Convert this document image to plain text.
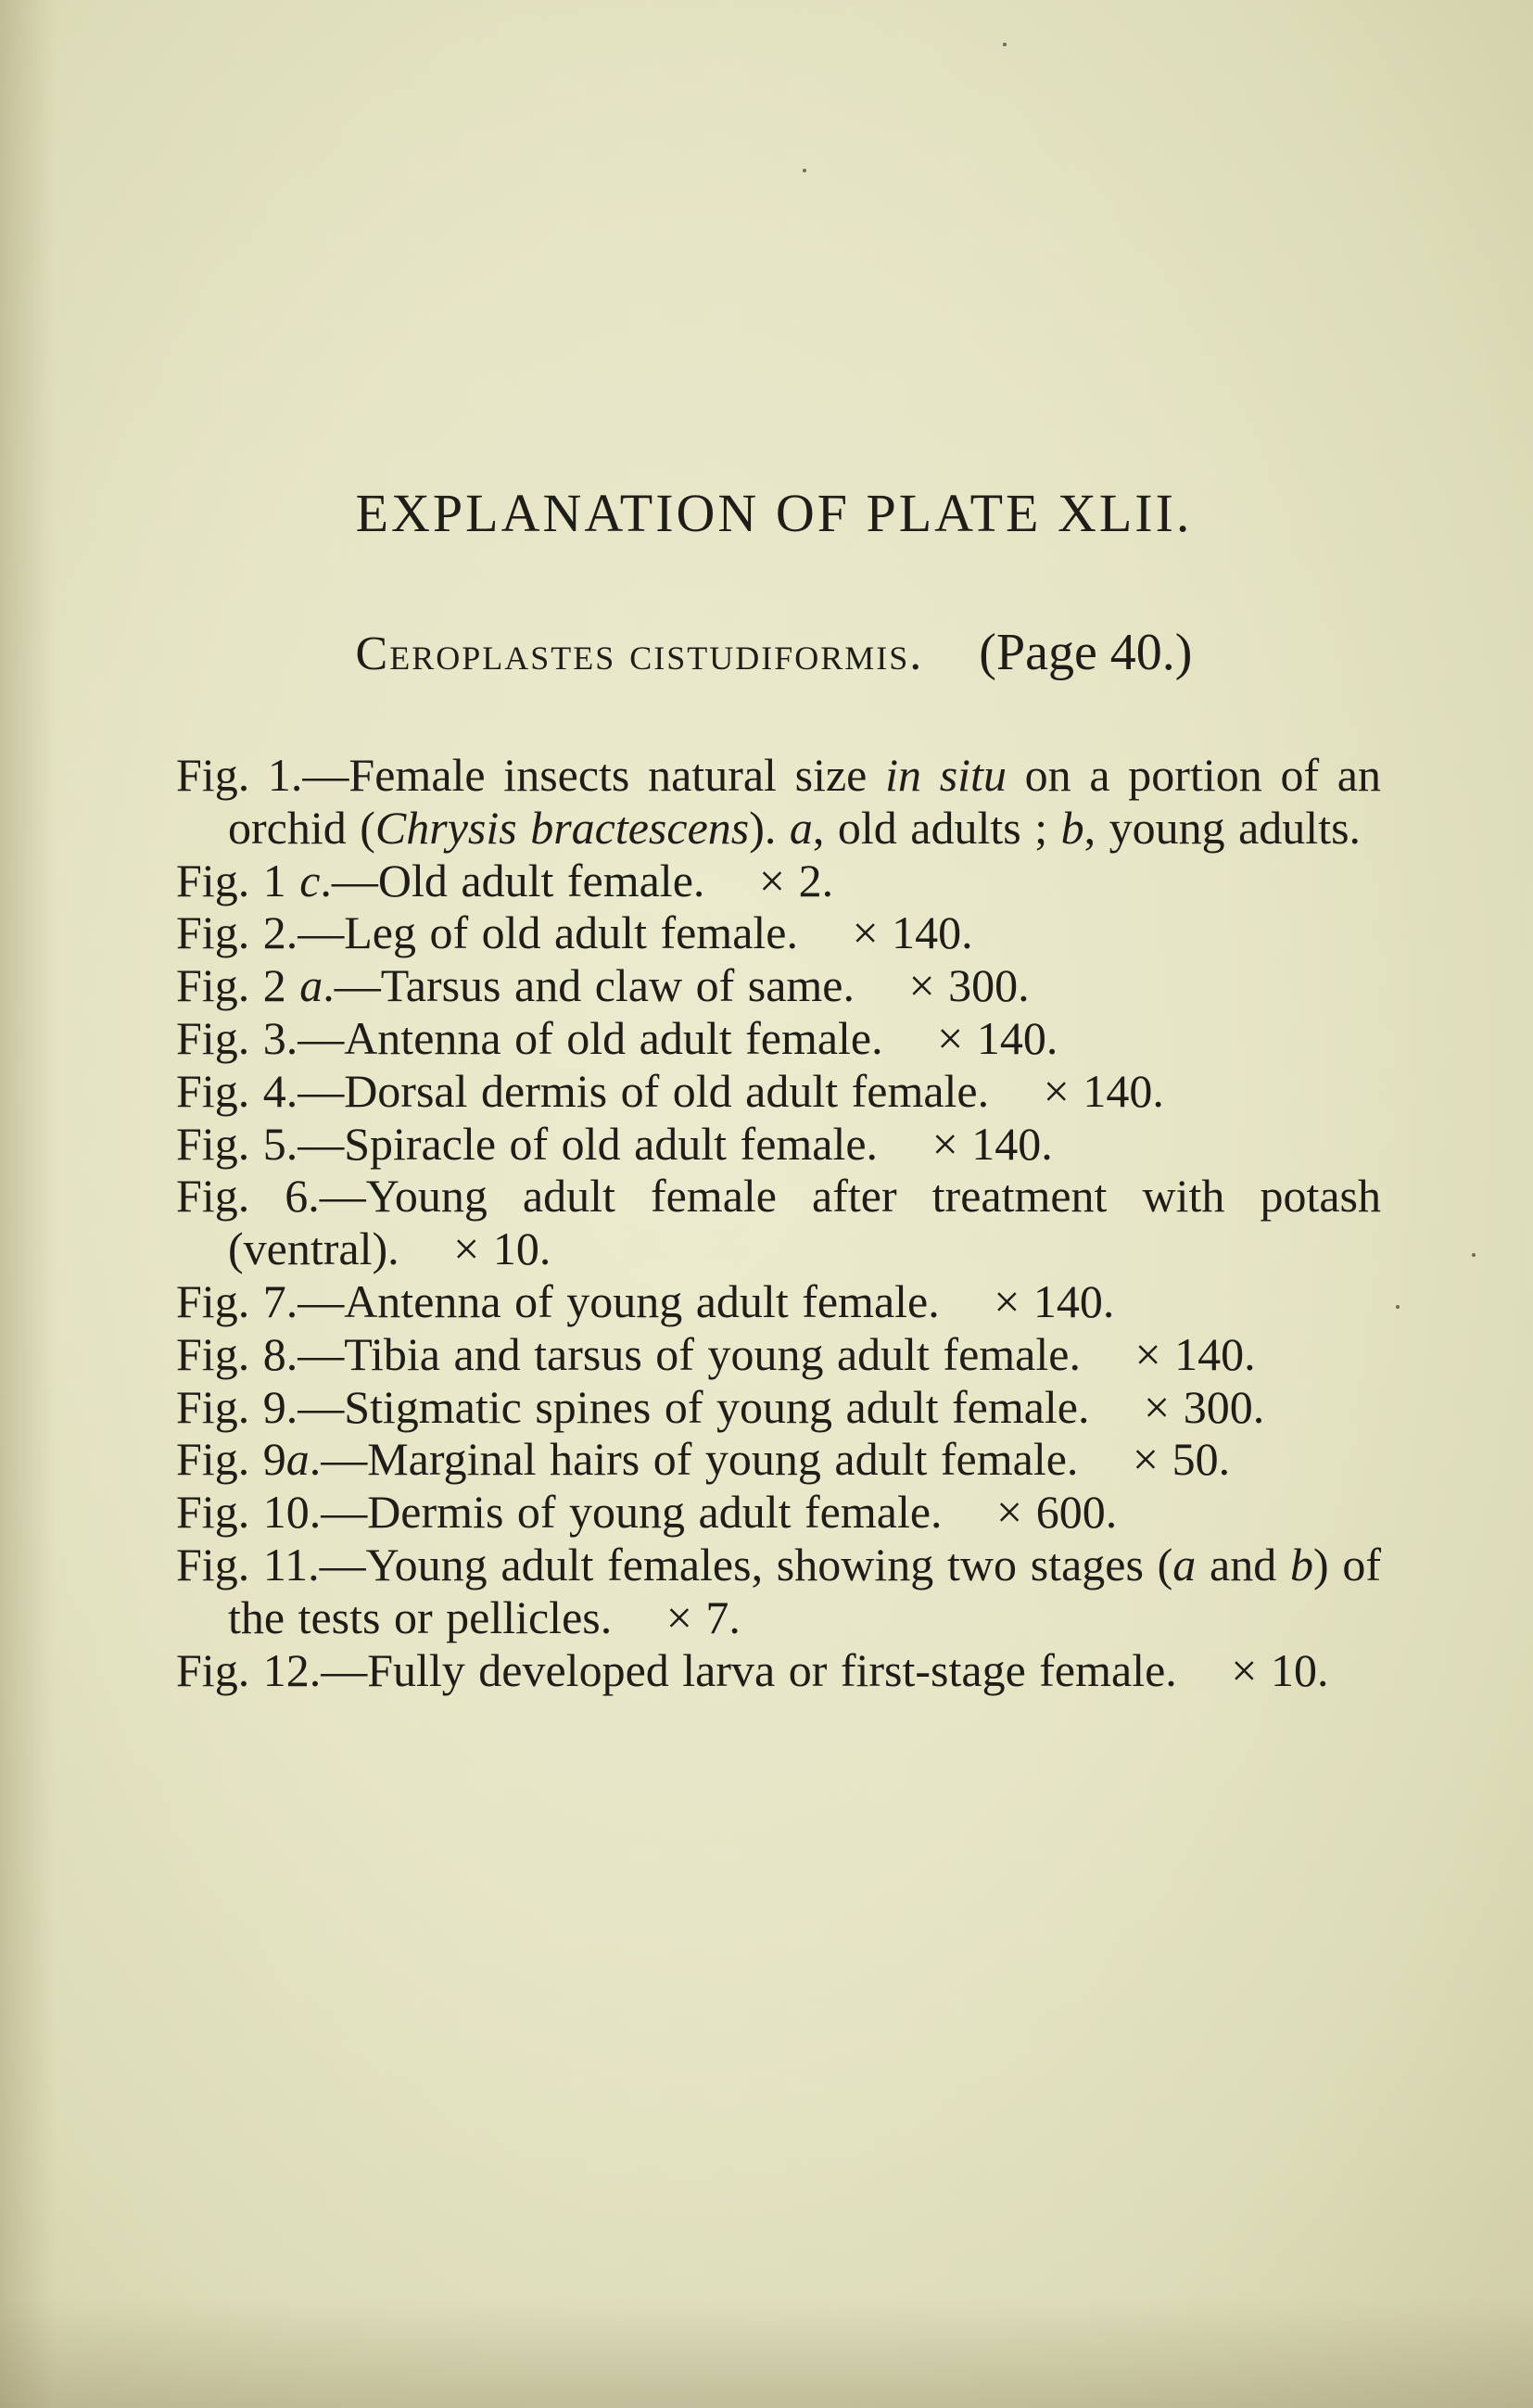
EXPLANATION OF PLATE XLII.
Ceroplastes cistudiformis. (Page 40.)
Fig. 1.—Female insects natural size in situ on a portion of an orchid (Chrysis bractescens). a, old adults ; b, young adults.
Fig. 1 c.—Old adult female. × 2.
Fig. 2.—Leg of old adult female. × 140.
Fig. 2 a.—Tarsus and claw of same. × 300.
Fig. 3.—Antenna of old adult female. × 140.
Fig. 4.—Dorsal dermis of old adult female. × 140.
Fig. 5.—Spiracle of old adult female. × 140.
Fig. 6.—Young adult female after treatment with potash (ventral). × 10.
Fig. 7.—Antenna of young adult female. × 140.
Fig. 8.—Tibia and tarsus of young adult female. × 140.
Fig. 9.—Stigmatic spines of young adult female. × 300.
Fig. 9a.—Marginal hairs of young adult female. × 50.
Fig. 10.—Dermis of young adult female. × 600.
Fig. 11.—Young adult females, showing two stages (a and b) of the tests or pellicles. × 7.
Fig. 12.—Fully developed larva or first-stage female. × 10.
